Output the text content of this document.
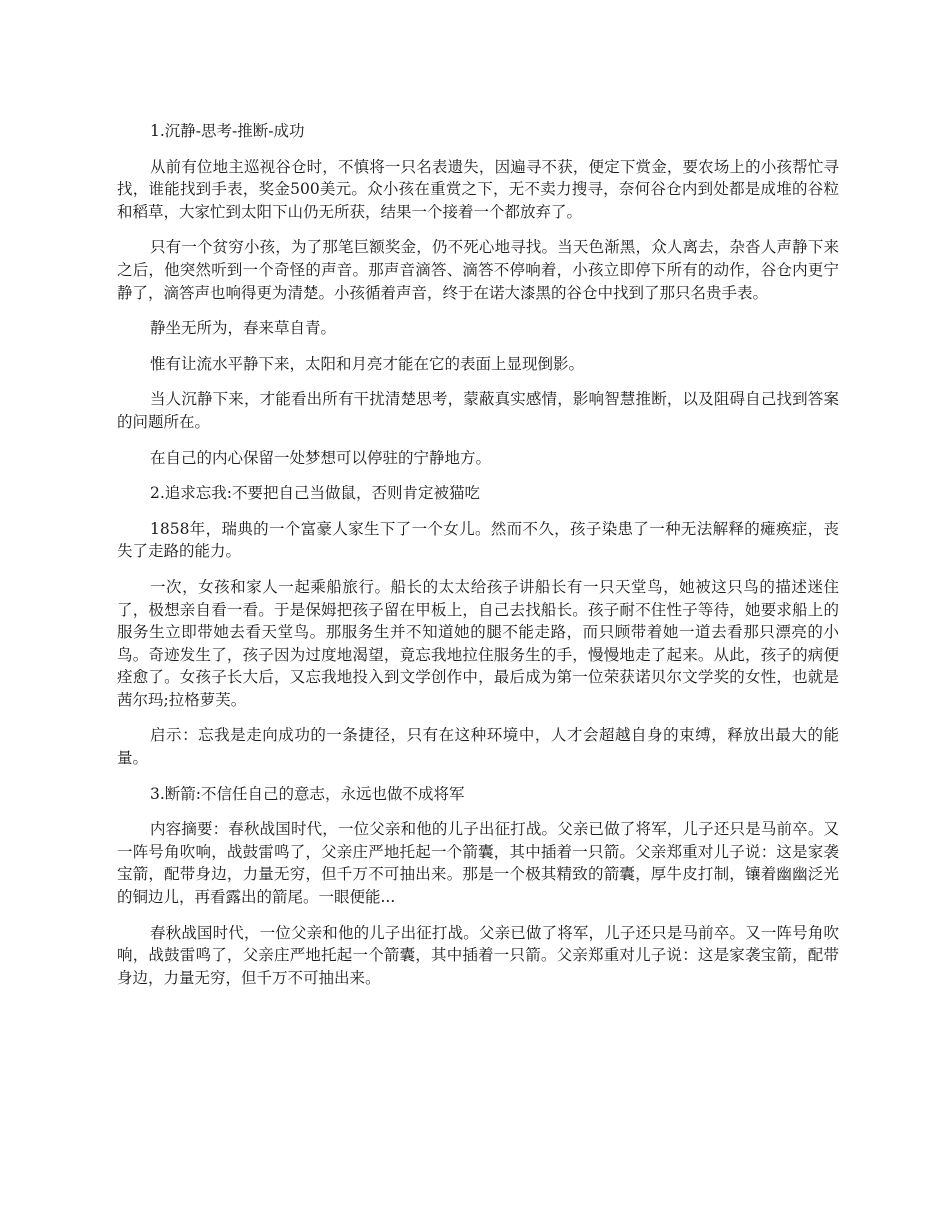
1.沉静-思考-推断-成功

从前有位地主巡视谷仓时，不慎将一只名表遗失，因遍寻不获，便定下赏金，要农场上的小孩帮忙寻找，谁能找到手表，奖金500美元。众小孩在重赏之下，无不卖力搜寻，奈何谷仓内到处都是成堆的谷粒和稻草，大家忙到太阳下山仍无所获，结果一个接着一个都放弃了。

只有一个贫穷小孩，为了那笔巨额奖金，仍不死心地寻找。当天色渐黑，众人离去，杂沓人声静下来之后，他突然听到一个奇怪的声音。那声音滴答、滴答不停响着，小孩立即停下所有的动作，谷仓内更宁静了，滴答声也响得更为清楚。小孩循着声音，终于在诺大漆黑的谷仓中找到了那只名贵手表。

静坐无所为，春来草自青。

惟有让流水平静下来，太阳和月亮才能在它的表面上显现倒影。

当人沉静下来，才能看出所有干扰清楚思考，蒙蔽真实感情，影响智慧推断，以及阻碍自己找到答案的问题所在。

在自己的内心保留一处梦想可以停驻的宁静地方。

2.追求忘我:不要把自己当做鼠，否则肯定被猫吃

1858年，瑞典的一个富豪人家生下了一个女儿。然而不久，孩子染患了一种无法解释的瘫痪症，丧失了走路的能力。

一次，女孩和家人一起乘船旅行。船长的太太给孩子讲船长有一只天堂鸟，她被这只鸟的描述迷住了，极想亲自看一看。于是保姆把孩子留在甲板上，自己去找船长。孩子耐不住性子等待，她要求船上的服务生立即带她去看天堂鸟。那服务生并不知道她的腿不能走路，而只顾带着她一道去看那只漂亮的小鸟。奇迹发生了，孩子因为过度地渴望，竟忘我地拉住服务生的手，慢慢地走了起来。从此，孩子的病便痊愈了。女孩子长大后，又忘我地投入到文学创作中，最后成为第一位荣获诺贝尔文学奖的女性，也就是茜尔玛;拉格萝芙。

启示：忘我是走向成功的一条捷径，只有在这种环境中，人才会超越自身的束缚，释放出最大的能量。

3.断箭:不信任自己的意志，永远也做不成将军

内容摘要：春秋战国时代，一位父亲和他的儿子出征打战。父亲已做了将军，儿子还只是马前卒。又一阵号角吹响，战鼓雷鸣了，父亲庄严地托起一个箭囊，其中插着一只箭。父亲郑重对儿子说：这是家袭宝箭，配带身边，力量无穷，但千万不可抽出来。那是一个极其精致的箭囊，厚牛皮打制，镶着幽幽泛光的铜边儿，再看露出的箭尾。一眼便能...

春秋战国时代，一位父亲和他的儿子出征打战。父亲已做了将军，儿子还只是马前卒。又一阵号角吹响，战鼓雷鸣了，父亲庄严地托起一个箭囊，其中插着一只箭。父亲郑重对儿子说：这是家袭宝箭，配带身边，力量无穷，但千万不可抽出来。
